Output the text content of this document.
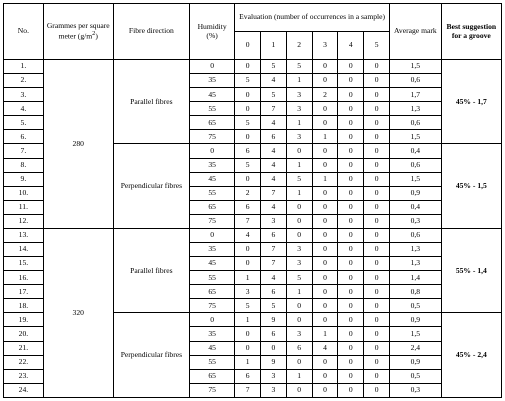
No.	Grammes per square meter $(g/m^2)$	Fibre direction	Humidity (%)	Evaluation (number of occurrences in a sample)						Average mark	Best suggestion for a groove
				0	1	2	3	4	5		
1.	280	Parallel fibres	0	0	5	5	0	0	0	1,5	45% - 1,7
2.			35	5	4	1	0	0	0	0,6	
3.			45	0	5	3	2	0	0	1,7	
4.			55	0	7	3	0	0	0	1,3	
5.			65	5	4	1	0	0	0	0,6	
6.			75	0	6	3	1	0	0	1,5	
7.		Perpendicular fibres	0	6	4	0	0	0	0	0,4	45% - 1,5
8.			35	5	4	1	0	0	0	0,6	
9.			45	0	4	5	1	0	0	1,5	
10.			55	2	7	1	0	0	0	0,9	
11.			65	6	4	0	0	0	0	0,4	
12.			75	7	3	0	0	0	0	0,3	
13.	320	Parallel fibres	0	4	6	0	0	0	0	0,6	55% - 1,4
14.			35	0	7	3	0	0	0	1,3	
15.			45	0	7	3	0	0	0	1,3	
16.			55	1	4	5	0	0	0	1,4	
17.			65	3	6	1	0	0	0	0,8	
18.			75	5	5	0	0	0	0	0,5	
19.		Perpendicular fibres	0	1	9	0	0	0	0	0,9	45% - 2,4
20.			35	0	6	3	1	0	0	1,5	
21.			45	0	0	6	4	0	0	2,4	
22.			55	1	9	0	0	0	0	0,9	
23.			65	6	3	1	0	0	0	0,5	
24.			75	7	3	0	0	0	0	0,3	
